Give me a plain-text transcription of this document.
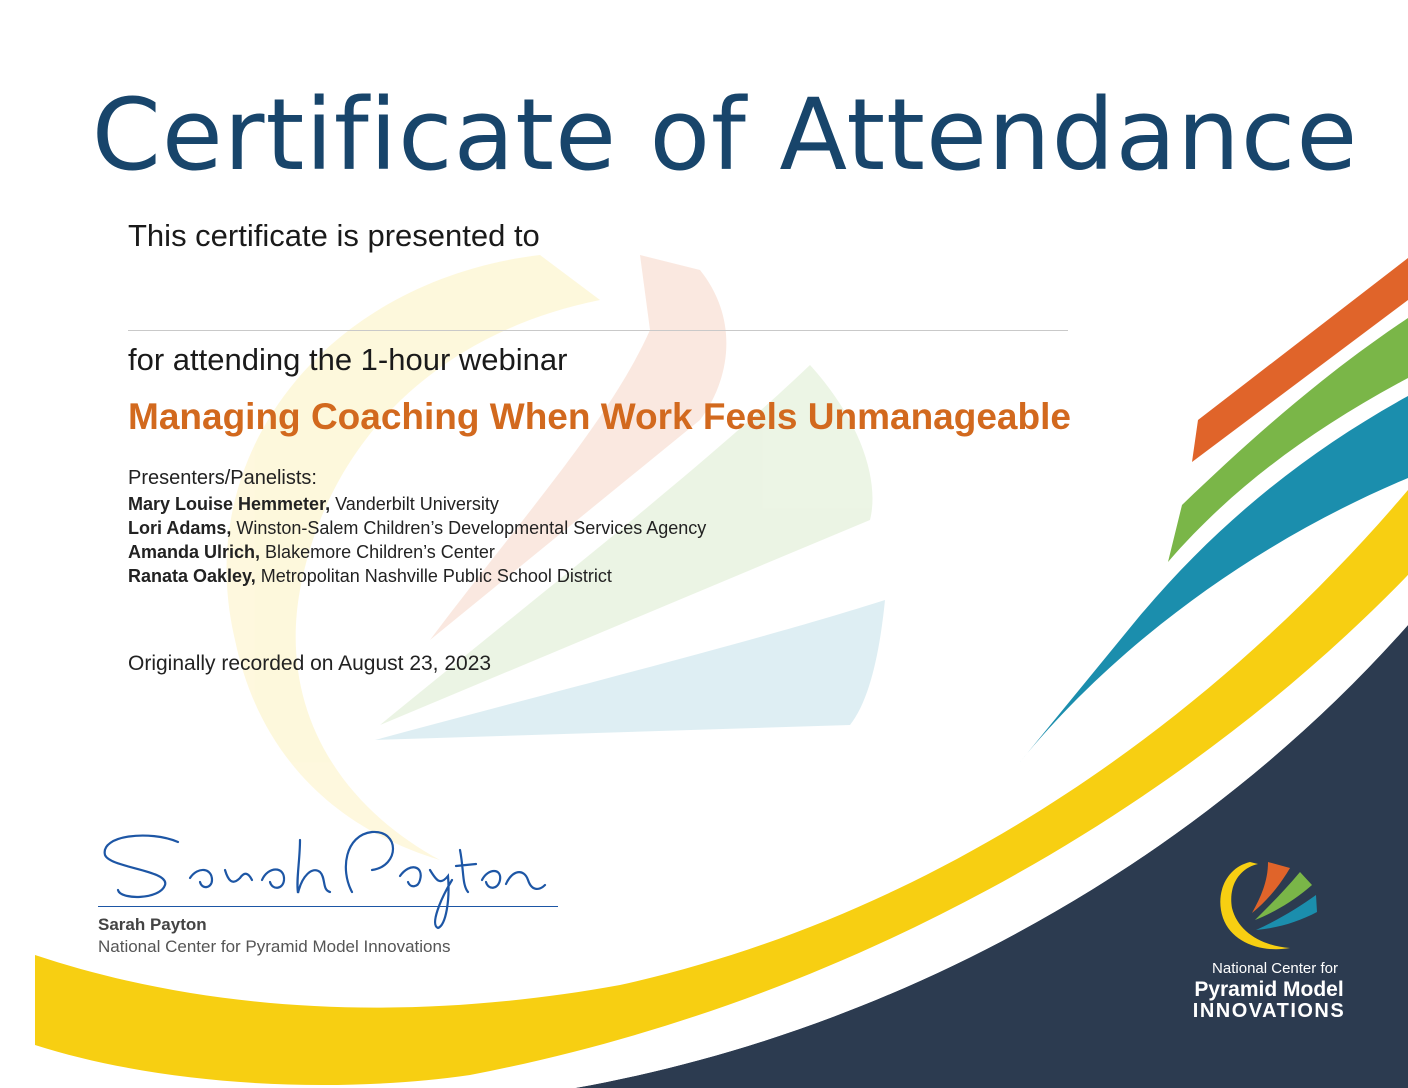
Certificate of Attendance

This certificate is presented to

for attending the 1-hour webinar

Managing Coaching When Work Feels Unmanageable

Presenters/Panelists:

Mary Louise Hemmeter, Vanderbilt University

Lori Adams, Winston-Salem Children’s Developmental Services Agency

Amanda Ulrich, Blakemore Children’s Center

Ranata Oakley, Metropolitan Nashville Public School District

Originally recorded on August 23, 2023

Sarah Payton

National Center for Pyramid Model Innovations

National Center for

Pyramid Model

INNOVATIONS
